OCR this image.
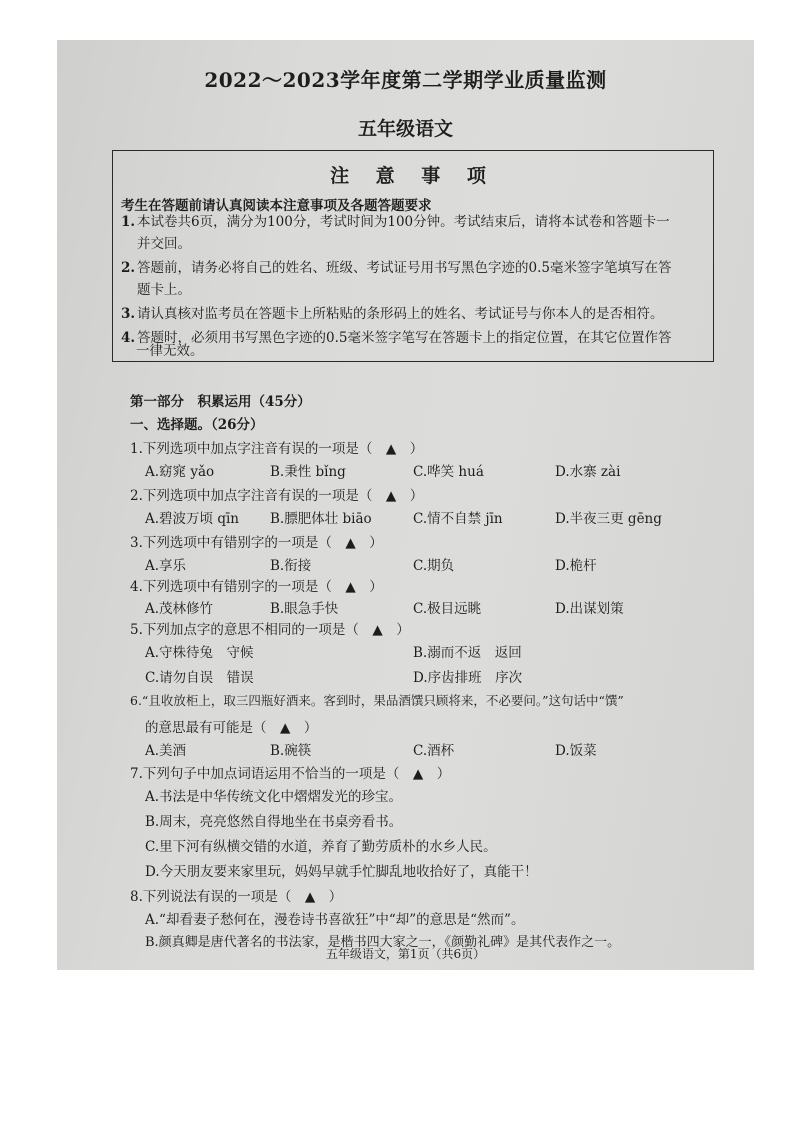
2022～2023学年度第二学期学业质量监测
五年级语文
注 意 事 项
考生在答题前请认真阅读本注意事项及各题答题要求
1. 本试卷共6页，满分为100分，考试时间为100分钟。考试结束后，请将本试卷和答题卡一
并交回。
2. 答题前，请务必将自己的姓名、班级、考试证号用书写黑色字迹的0.5毫米签字笔填写在答
题卡上。
3. 请认真核对监考员在答题卡上所粘贴的条形码上的姓名、考试证号与你本人的是否相符。
4. 答题时，必须用书写黑色字迹的0.5毫米签字笔写在答题卡上的指定位置，在其它位置作答
一律无效。
第一部分　积累运用（45分）
一、选择题。（26分）
1.下列选项中加点字注音有误的一项是（　▲　）
A.窈窕 yǎo	B.秉性 bǐng	C.哗笑 huá	D.水寨 zài
2.下列选项中加点字注音有误的一项是（　▲　）
A.碧波万顷 qīn B.膘肥体壮 biāo	C.情不自禁 jīn	D.半夜三更 gēng
3.下列选项中有错别字的一项是（　▲　）
A.享乐	B.衔接	C.期负	D.桅杆
4.下列选项中有错别字的一项是（　▲　）
A.茂林修竹	B.眼急手快	C.极目远眺	D.出谋划策
5.下列加点字的意思不相同的一项是（　▲　）
A.守株待兔　守候	B.溺而不返　返回
C.请勿自误　错误	D.序齿排班　序次
6.“且收放柜上，取三四瓶好酒来。客到时，果品酒馔只顾将来，不必要问。”这句话中“馔”
的意思最有可能是（　▲　）
A.美酒	B.碗筷	C.酒杯	D.饭菜
7.下列句子中加点词语运用不恰当的一项是（　▲　）
A.书法是中华传统文化中熠熠发光的珍宝。
B.周末，亮亮悠然自得地坐在书桌旁看书。
C.里下河有纵横交错的水道，养育了勤劳质朴的水乡人民。
D.今天朋友要来家里玩，妈妈早就手忙脚乱地收拾好了，真能干！
8.下列说法有误的一项是（　▲　）
A.“却看妻子愁何在，漫卷诗书喜欲狂”中“却”的意思是“然而”。
B.颜真卿是唐代著名的书法家，是楷书四大家之一，《颜勤礼碑》是其代表作之一。
五年级语文，第1页（共6页）
